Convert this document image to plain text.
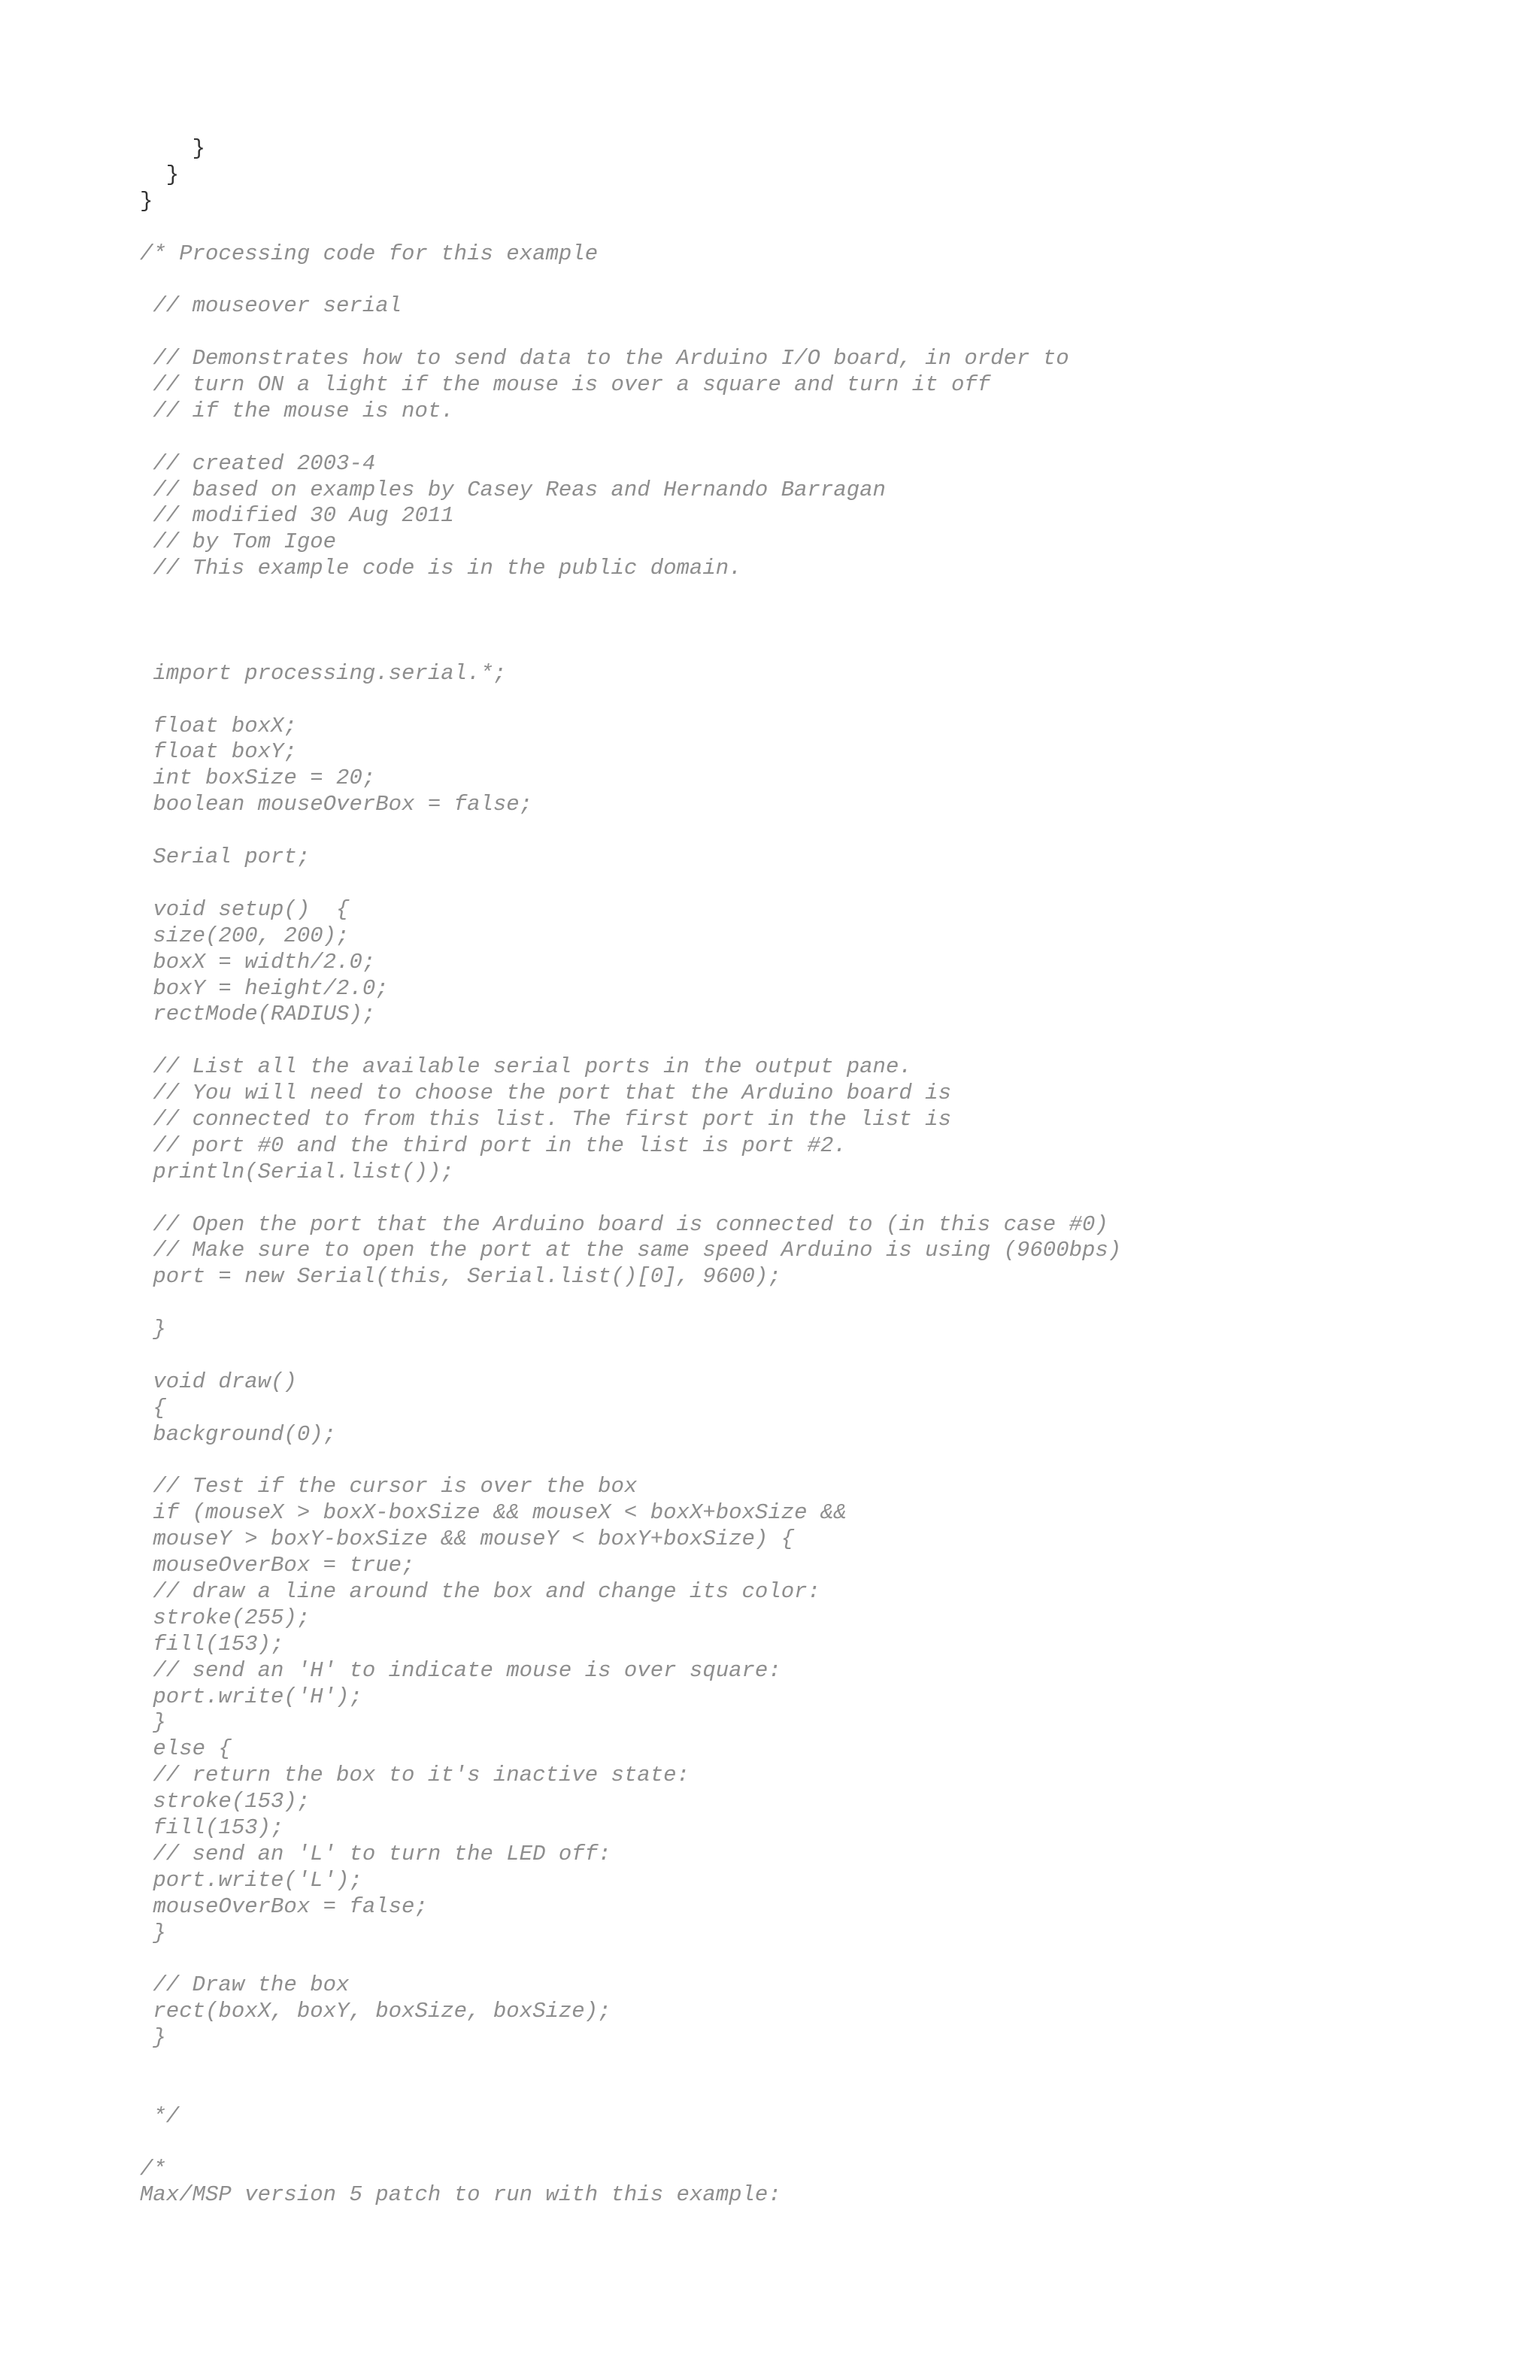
}
}
}
/* Processing code for this example
// mouseover serial
// Demonstrates how to send data to the Arduino I/O board, in order to
// turn ON a light if the mouse is over a square and turn it off
// if the mouse is not.
// created 2003-4
// based on examples by Casey Reas and Hernando Barragan
// modified 30 Aug 2011
// by Tom Igoe
// This example code is in the public domain.
import processing.serial.*;
float boxX;
float boxY;
int boxSize = 20;
boolean mouseOverBox = false;
Serial port;
void setup()  {
size(200, 200);
boxX = width/2.0;
boxY = height/2.0;
rectMode(RADIUS);
// List all the available serial ports in the output pane.
// You will need to choose the port that the Arduino board is
// connected to from this list. The first port in the list is
// port #0 and the third port in the list is port #2.
println(Serial.list());
// Open the port that the Arduino board is connected to (in this case #0)
// Make sure to open the port at the same speed Arduino is using (9600bps)
port = new Serial(this, Serial.list()[0], 9600);
}
void draw()
{
background(0);
// Test if the cursor is over the box
if (mouseX > boxX-boxSize && mouseX < boxX+boxSize &&
mouseY > boxY-boxSize && mouseY < boxY+boxSize) {
mouseOverBox = true;
// draw a line around the box and change its color:
stroke(255);
fill(153);
// send an 'H' to indicate mouse is over square:
port.write('H');
}
else {
// return the box to it's inactive state:
stroke(153);
fill(153);
// send an 'L' to turn the LED off:
port.write('L');
mouseOverBox = false;
}
// Draw the box
rect(boxX, boxY, boxSize, boxSize);
}
*/
/*
Max/MSP version 5 patch to run with this example:
